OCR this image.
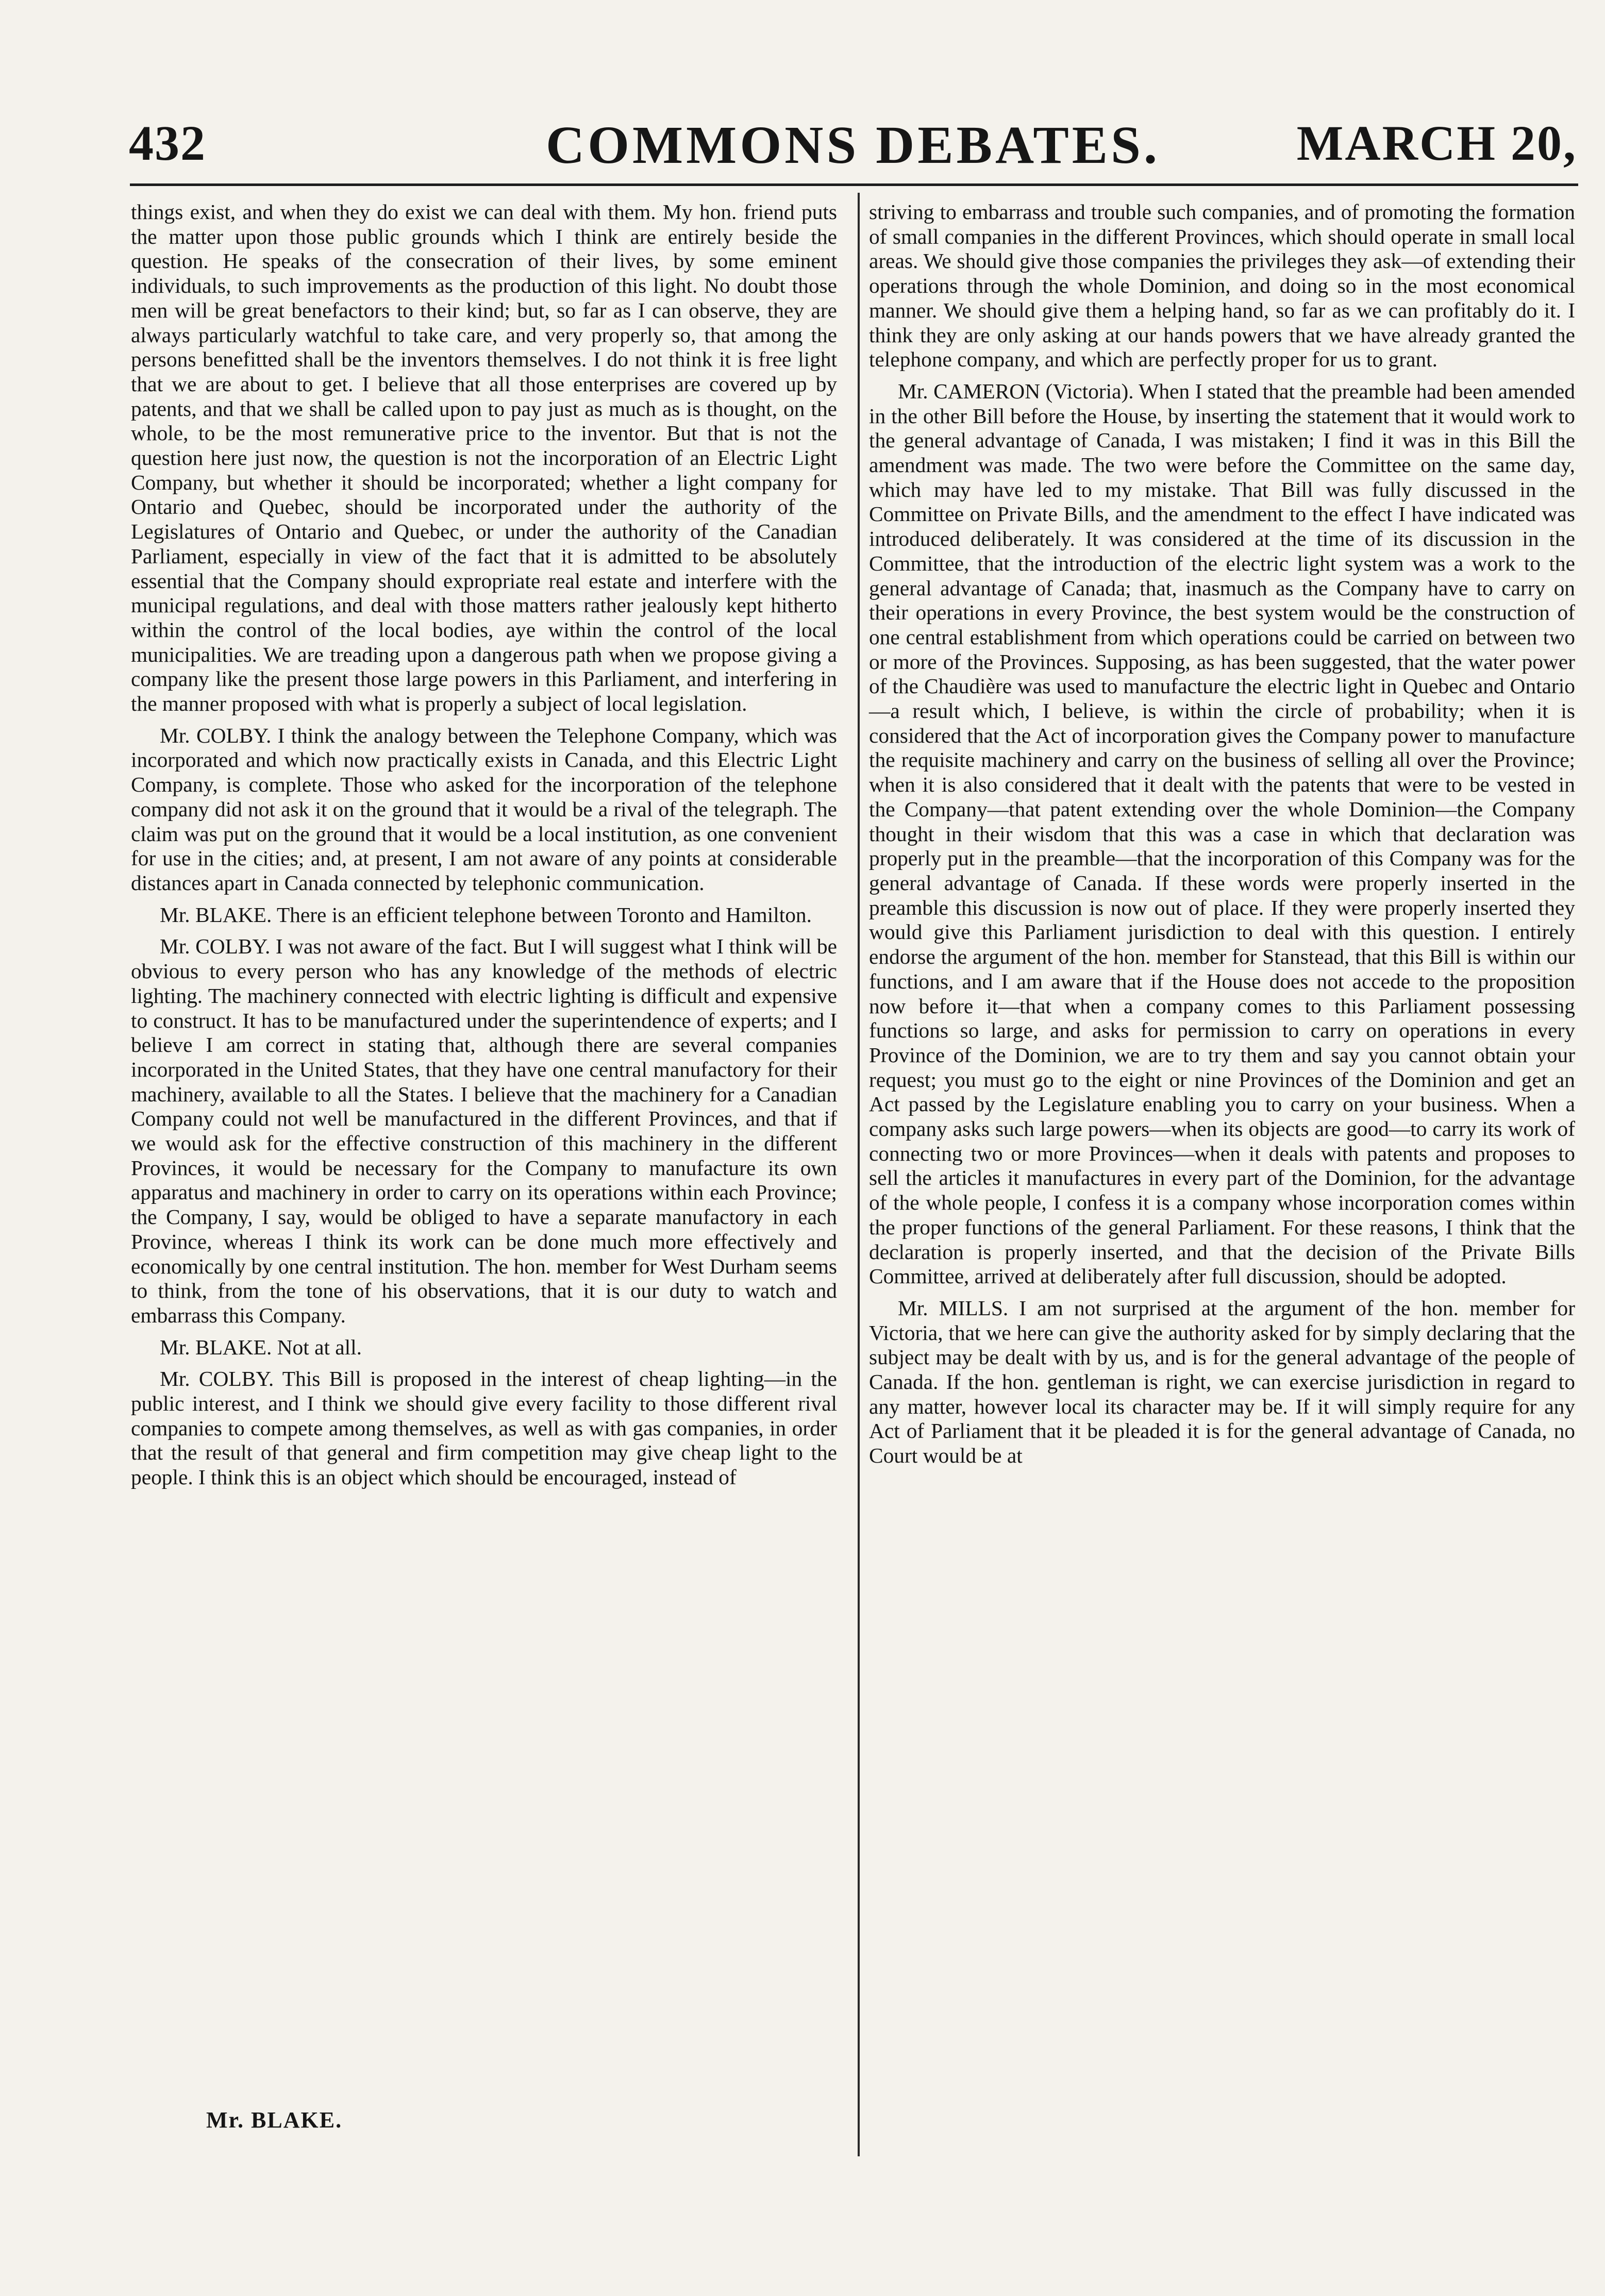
432	COMMONS DEBATES.	MARCH 20,

things exist, and when they do exist we can deal with them. My hon. friend puts the matter upon those public grounds which I think are entirely beside the question. He speaks of the consecration of their lives, by some eminent individuals, to such improvements as the production of this light. No doubt those men will be great benefactors to their kind; but, so far as I can observe, they are always particularly watchful to take care, and very properly so, that among the persons benefitted shall be the inventors themselves. I do not think it is free light that we are about to get. I believe that all those enterprises are covered up by patents, and that we shall be called upon to pay just as much as is thought, on the whole, to be the most remunerative price to the inventor. But that is not the question here just now, the question is not the incorporation of an Electric Light Company, but whether it should be incorporated; whether a light company for Ontario and Quebec, should be incorporated under the authority of the Legislatures of Ontario and Quebec, or under the authority of the Canadian Parliament, especially in view of the fact that it is admitted to be absolutely essential that the Company should expropriate real estate and interfere with the municipal regulations, and deal with those matters rather jealously kept hitherto within the control of the local bodies, aye within the control of the local municipalities. We are treading upon a dangerous path when we propose giving a company like the present those large powers in this Parliament, and interfering in the manner proposed with what is properly a subject of local legislation.

Mr. COLBY. I think the analogy between the Telephone Company, which was incorporated and which now practically exists in Canada, and this Electric Light Company, is complete. Those who asked for the incorporation of the telephone company did not ask it on the ground that it would be a rival of the telegraph. The claim was put on the ground that it would be a local institution, as one convenient for use in the cities; and, at present, I am not aware of any points at considerable distances apart in Canada connected by telephonic communication.

Mr. BLAKE. There is an efficient telephone between Toronto and Hamilton.

Mr. COLBY. I was not aware of the fact. But I will suggest what I think will be obvious to every person who has any knowledge of the methods of electric lighting. The machinery connected with electric lighting is difficult and expensive to construct. It has to be manufactured under the superintendence of experts; and I believe I am correct in stating that, although there are several companies incorporated in the United States, that they have one central manufactory for their machinery, available to all the States. I believe that the machinery for a Canadian Company could not well be manufactured in the different Provinces, and that if we would ask for the effective construction of this machinery in the different Provinces, it would be necessary for the Company to manufacture its own apparatus and machinery in order to carry on its operations within each Province; the Company, I say, would be obliged to have a separate manufactory in each Province, whereas I think its work can be done much more effectively and economically by one central institution. The hon. member for West Durham seems to think, from the tone of his observations, that it is our duty to watch and embarrass this Company.

Mr. BLAKE. Not at all.

Mr. COLBY. This Bill is proposed in the interest of cheap lighting—in the public interest, and I think we should give every facility to those different rival companies to compete among themselves, as well as with gas companies, in order that the result of that general and firm competition may give cheap light to the people. I think this is an object which should be encouraged, instead of

striving to embarrass and trouble such companies, and of promoting the formation of small companies in the different Provinces, which should operate in small local areas. We should give those companies the privileges they ask—of extending their operations through the whole Dominion, and doing so in the most economical manner. We should give them a helping hand, so far as we can profitably do it. I think they are only asking at our hands powers that we have already granted the telephone company, and which are perfectly proper for us to grant.

Mr. CAMERON (Victoria). When I stated that the preamble had been amended in the other Bill before the House, by inserting the statement that it would work to the general advantage of Canada, I was mistaken; I find it was in this Bill the amendment was made. The two were before the Committee on the same day, which may have led to my mistake. That Bill was fully discussed in the Committee on Private Bills, and the amendment to the effect I have indicated was introduced deliberately. It was considered at the time of its discussion in the Committee, that the introduction of the electric light system was a work to the general advantage of Canada; that, inasmuch as the Company have to carry on their operations in every Province, the best system would be the construction of one central establishment from which operations could be carried on between two or more of the Provinces. Supposing, as has been suggested, that the water power of the Chaudière was used to manufacture the electric light in Quebec and Ontario—a result which, I believe, is within the circle of probability; when it is considered that the Act of incorporation gives the Company power to manufacture the requisite machinery and carry on the business of selling all over the Province; when it is also considered that it dealt with the patents that were to be vested in the Company—that patent extending over the whole Dominion—the Company thought in their wisdom that this was a case in which that declaration was properly put in the preamble—that the incorporation of this Company was for the general advantage of Canada. If these words were properly inserted in the preamble this discussion is now out of place. If they were properly inserted they would give this Parliament jurisdiction to deal with this question. I entirely endorse the argument of the hon. member for Stanstead, that this Bill is within our functions, and I am aware that if the House does not accede to the proposition now before it—that when a company comes to this Parliament possessing functions so large, and asks for permission to carry on operations in every Province of the Dominion, we are to try them and say you cannot obtain your request; you must go to the eight or nine Provinces of the Dominion and get an Act passed by the Legislature enabling you to carry on your business. When a company asks such large powers—when its objects are good—to carry its work of connecting two or more Provinces—when it deals with patents and proposes to sell the articles it manufactures in every part of the Dominion, for the advantage of the whole people, I confess it is a company whose incorporation comes within the proper functions of the general Parliament. For these reasons, I think that the declaration is properly inserted, and that the decision of the Private Bills Committee, arrived at deliberately after full discussion, should be adopted.

Mr. MILLS. I am not surprised at the argument of the hon. member for Victoria, that we here can give the authority asked for by simply declaring that the subject may be dealt with by us, and is for the general advantage of the people of Canada. If the hon. gentleman is right, we can exercise jurisdiction in regard to any matter, however local its character may be. If it will simply require for any Act of Parliament that it be pleaded it is for the general advantage of Canada, no Court would be at

Mr. BLAKE.
